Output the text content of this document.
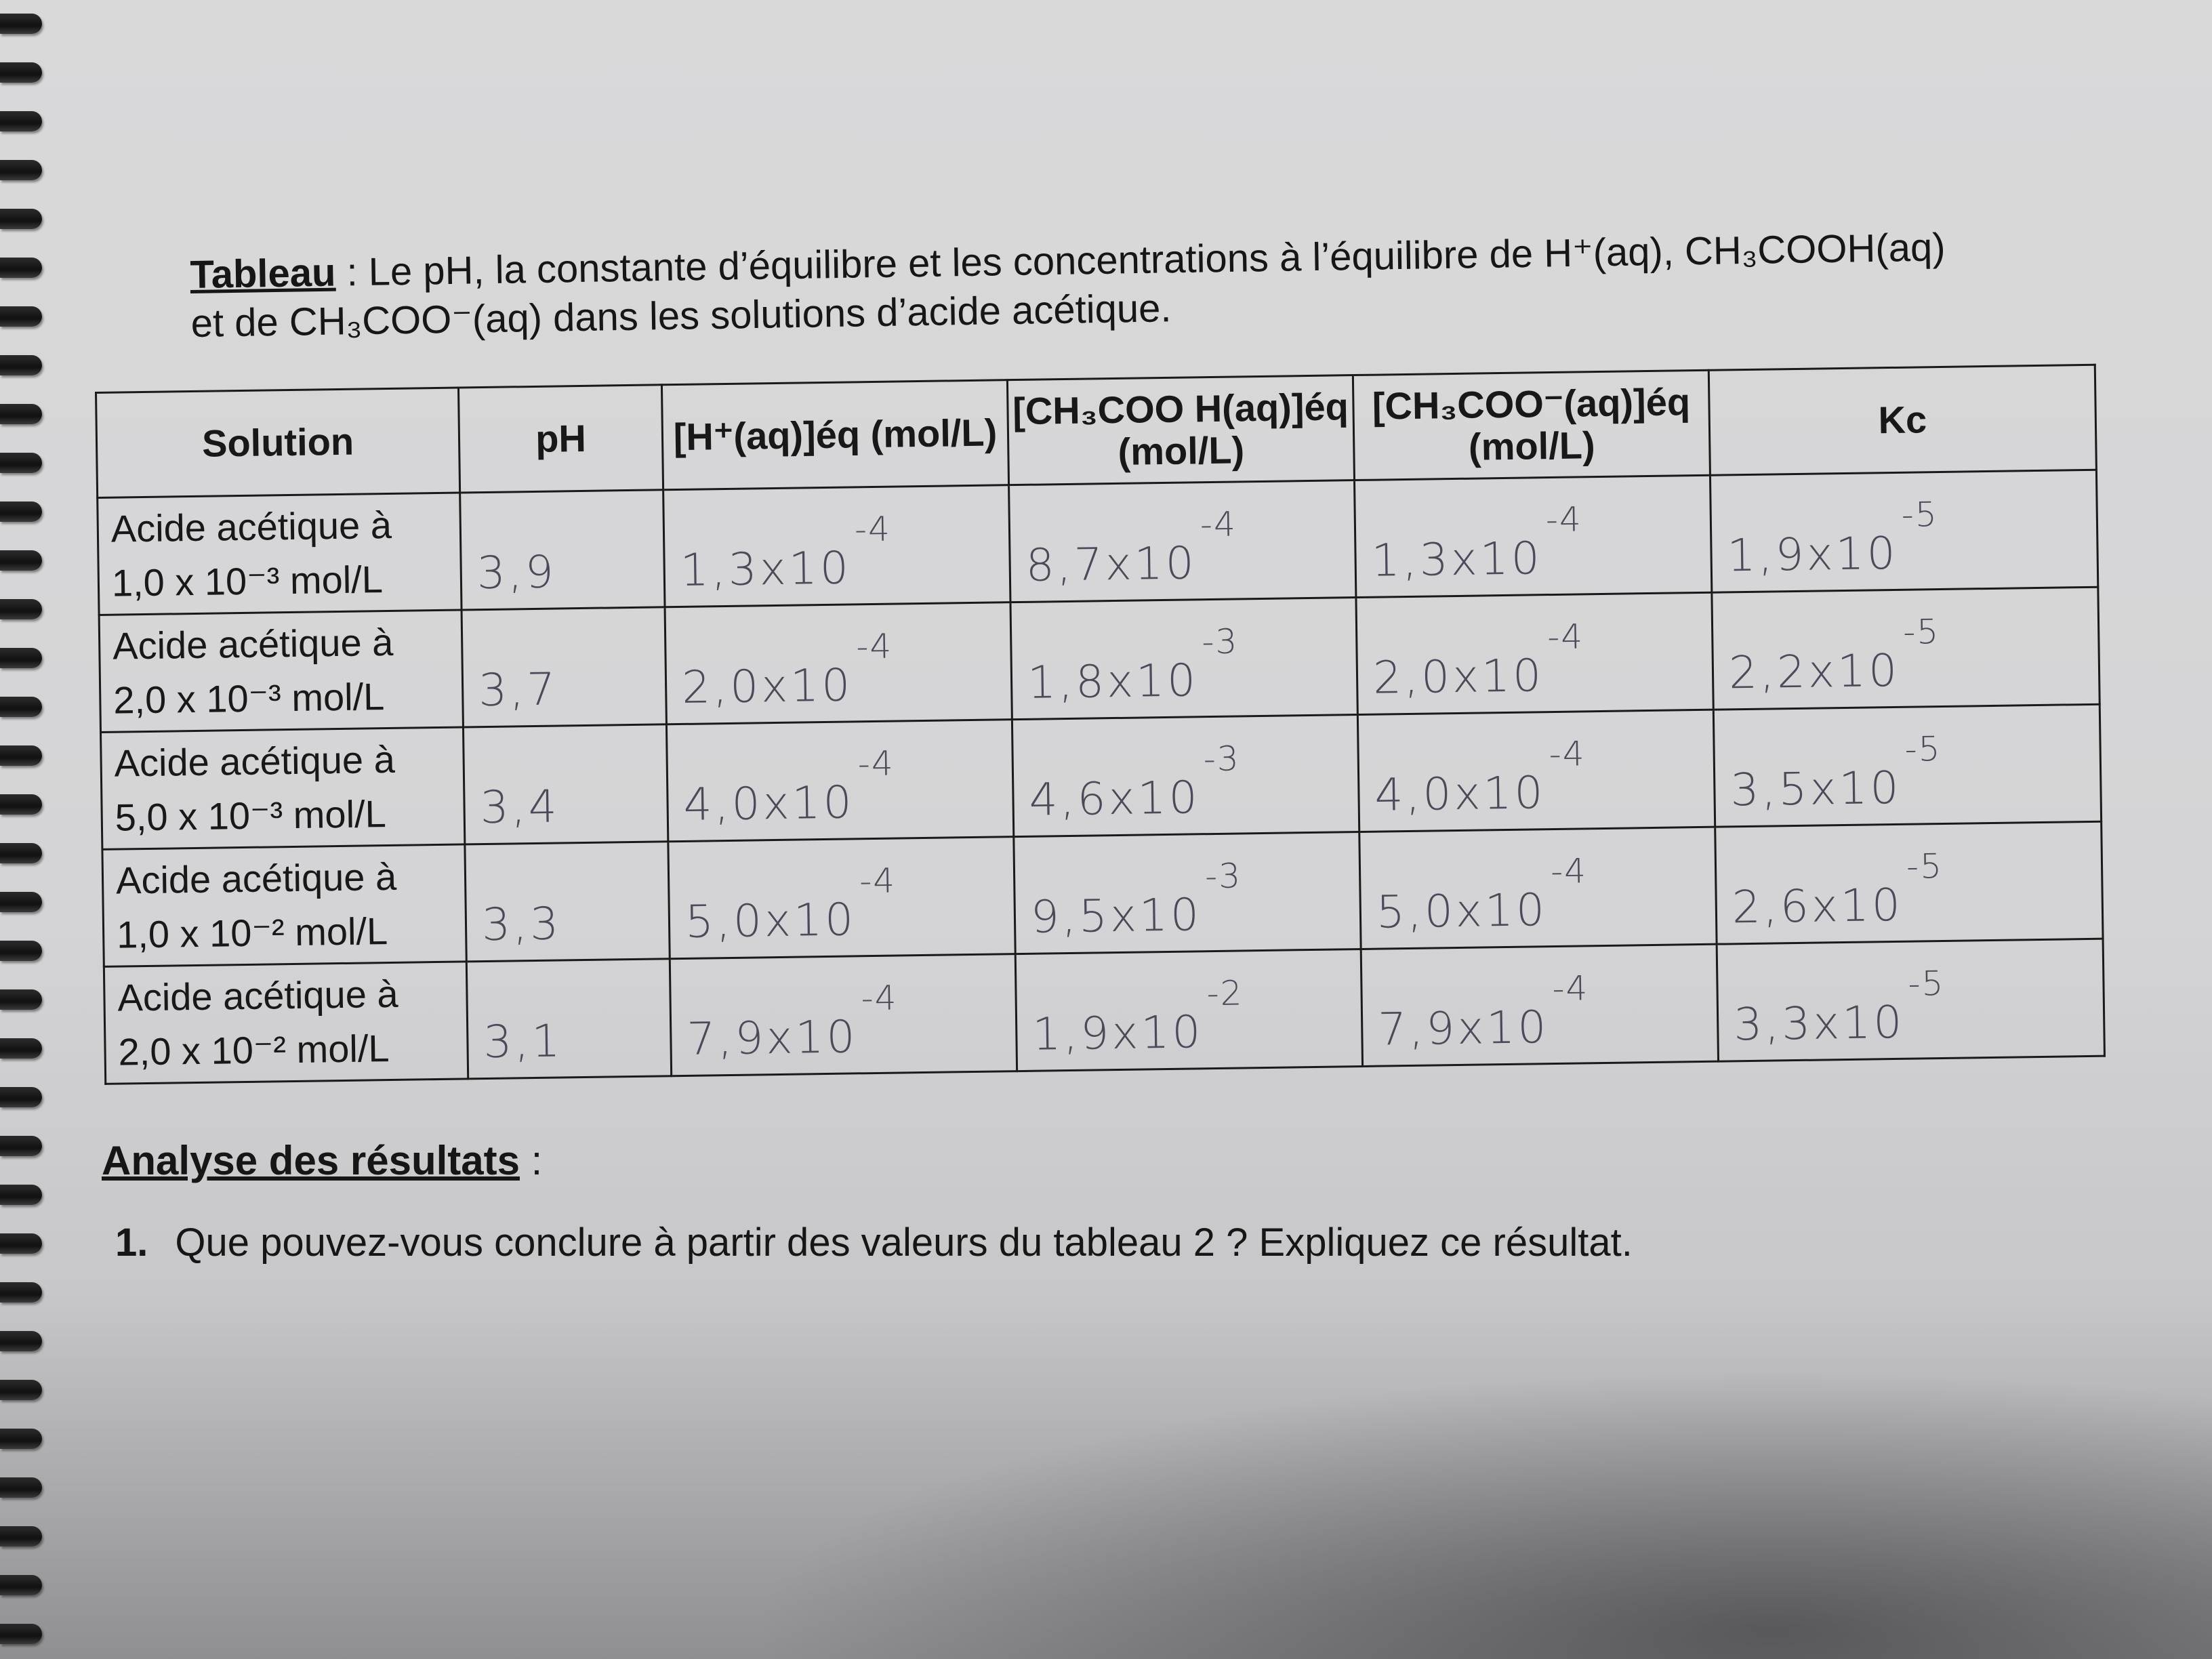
Tableau : Le pH, la constante d’équilibre et les concentrations à l’équilibre de H⁺(aq), CH₃COOH(aq)
et de CH₃COO⁻(aq) dans les solutions d’acide acétique.
Solution	pH	[H⁺(aq)]éq (mol/L)	[CH₃COO H(aq)]éq (mol/L)	[CH₃COO⁻(aq)]éq (mol/L)	Kc

Acide acétique à
1,0 x 10⁻³ mol/L	3,9	$1,3x10^{-4}$	$8,7x10^{-4}$	$1,3x10^{-4}$	$1,9x10^{-5}$

Acide acétique à
2,0 x 10⁻³ mol/L	3,7	$2,0x10^{-4}$	$1,8x10^{-3}$	$2,0x10^{-4}$	$2,2x10^{-5}$

Acide acétique à
5,0 x 10⁻³ mol/L	3,4	$4,0x10^{-4}$	$4,6x10^{-3}$	$4,0x10^{-4}$	$3,5x10^{-5}$

Acide acétique à
1,0 x 10⁻² mol/L	3,3	$5,0x10^{-4}$	$9,5x10^{-3}$	$5,0x10^{-4}$	$2,6x10^{-5}$

Acide acétique à
2,0 x 10⁻² mol/L	3,1	$7,9x10^{-4}$	$1,9x10^{-2}$	$7,9x10^{-4}$	$3,3x10^{-5}$
Analyse des résultats :
1. Que pouvez-vous conclure à partir des valeurs du tableau 2 ? Expliquez ce résultat.
